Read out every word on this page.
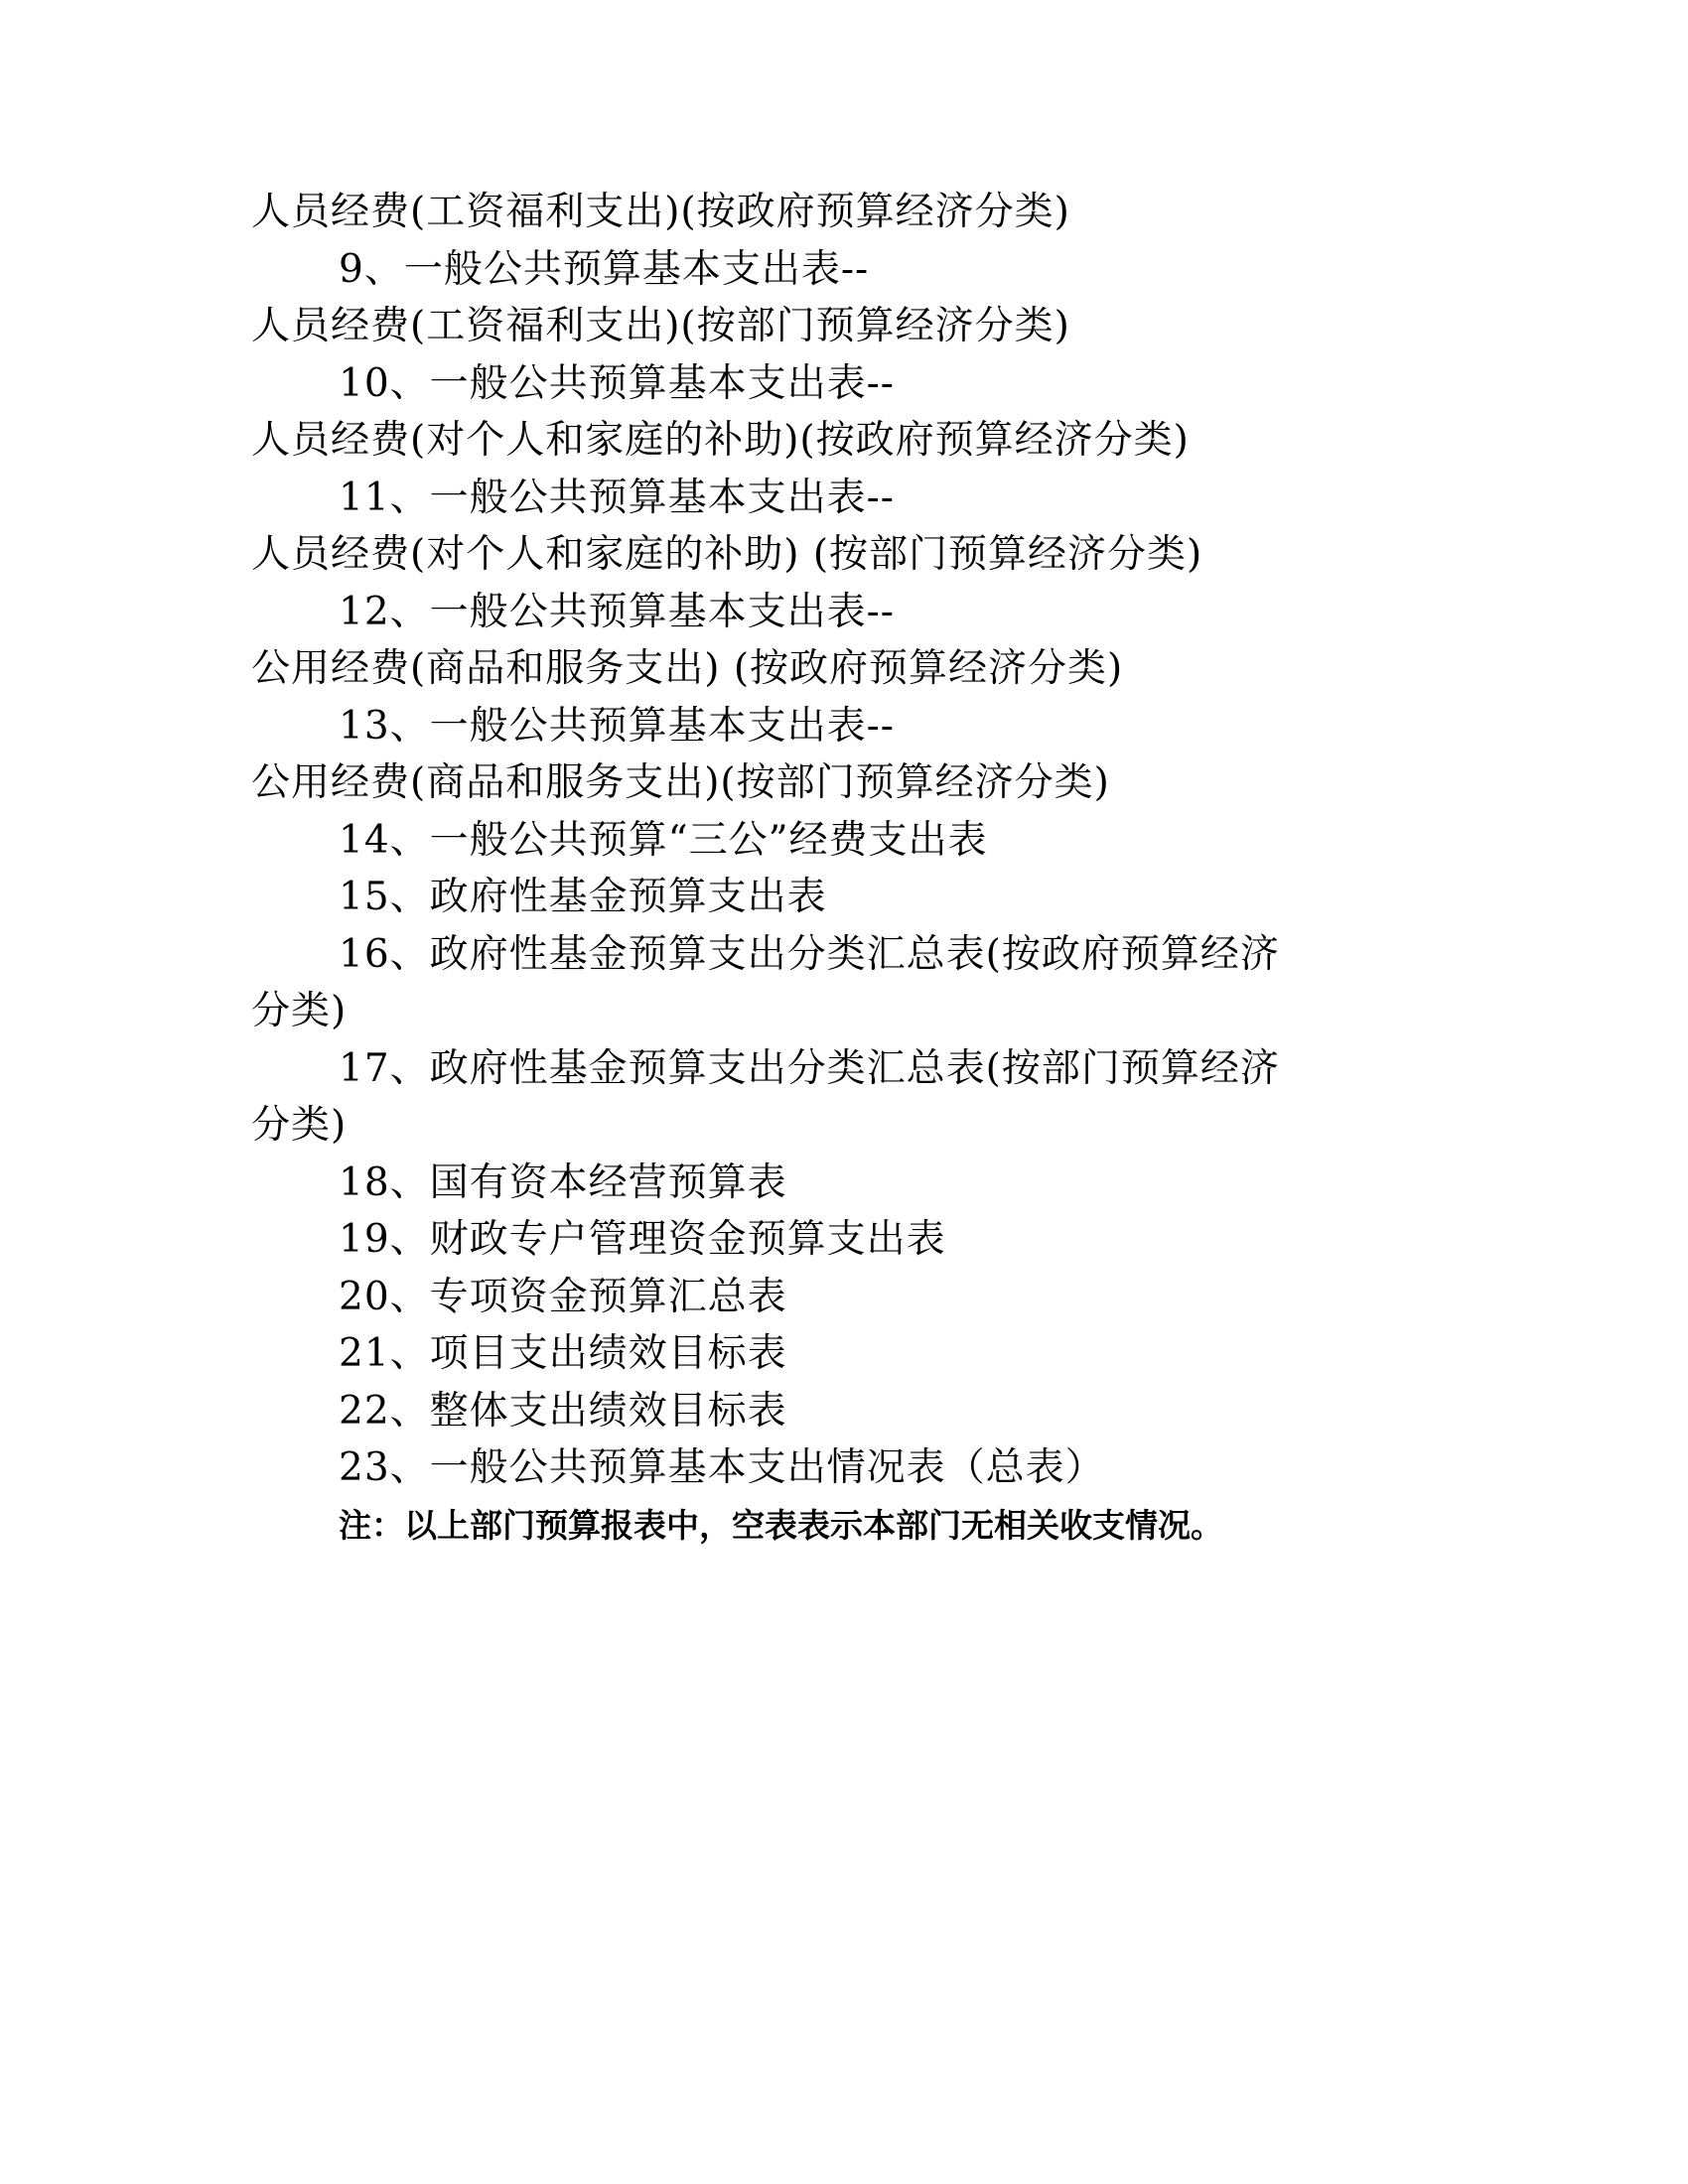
人员经费(工资福利支出)(按政府预算经济分类)
9、一般公共预算基本支出表--
人员经费(工资福利支出)(按部门预算经济分类)
10、一般公共预算基本支出表--
人员经费(对个人和家庭的补助)(按政府预算经济分类)
11、一般公共预算基本支出表--
人员经费(对个人和家庭的补助) (按部门预算经济分类)
12、一般公共预算基本支出表--
公用经费(商品和服务支出) (按政府预算经济分类)
13、一般公共预算基本支出表--
公用经费(商品和服务支出)(按部门预算经济分类)
14、一般公共预算“三公”经费支出表
15、政府性基金预算支出表
16、政府性基金预算支出分类汇总表(按政府预算经济
分类)
17、政府性基金预算支出分类汇总表(按部门预算经济
分类)
18、国有资本经营预算表
19、财政专户管理资金预算支出表
20、专项资金预算汇总表
21、项目支出绩效目标表
22、整体支出绩效目标表
23、一般公共预算基本支出情况表（总表）
注：以上部门预算报表中，空表表示本部门无相关收支情况。
